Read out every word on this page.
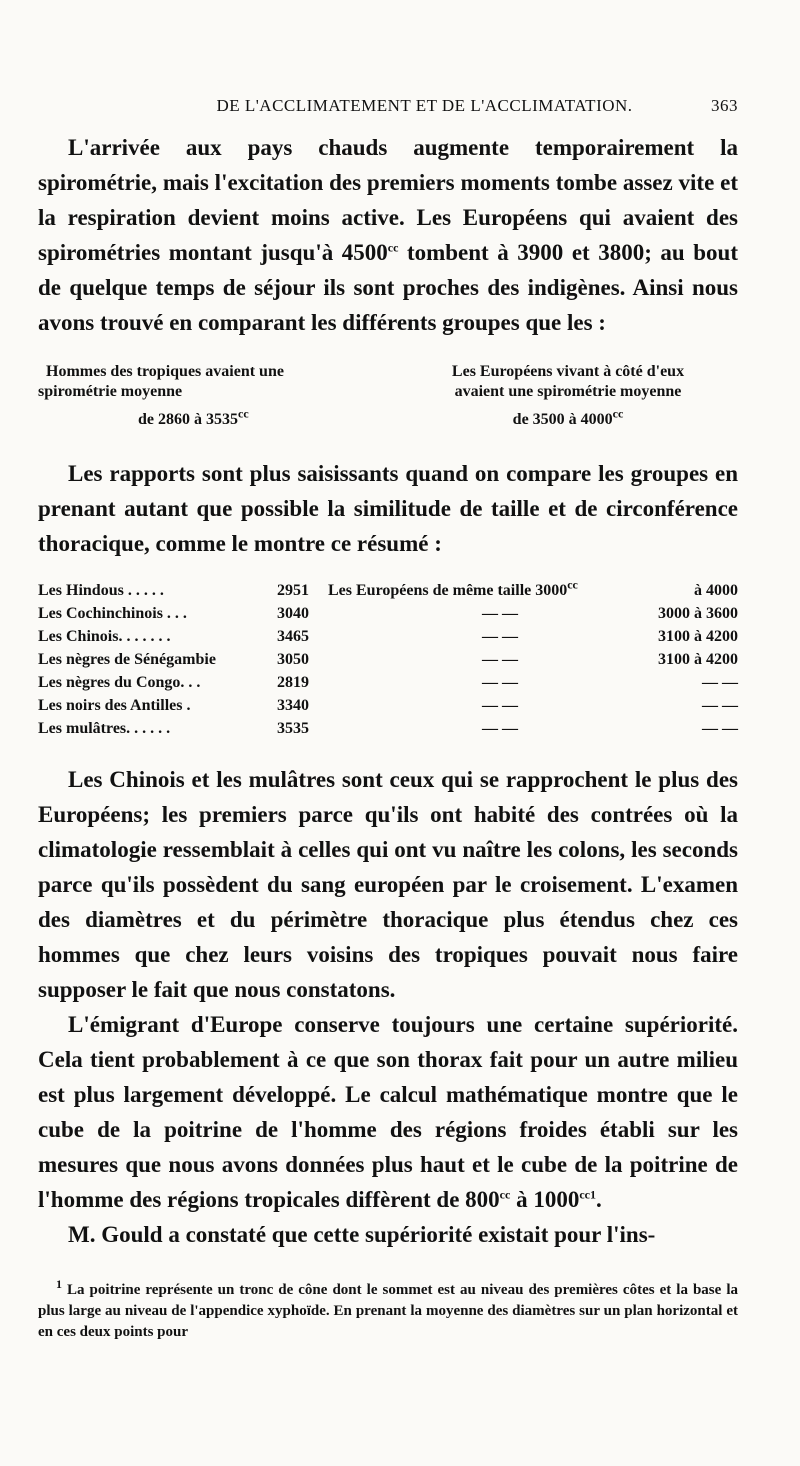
DE L'ACCLIMATEMENT ET DE L'ACCLIMATATION.	363

L'arrivée aux pays chauds augmente temporairement la spirométrie, mais l'excitation des premiers moments tombe assez vite et la respiration devient moins active. Les Européens qui avaient des spirométries montant jusqu'à $4500^{cc}$ tombent à 3900 et 3800; au bout de quelque temps de séjour ils sont proches des indigènes. Ainsi nous avons trouvé en comparant les différents groupes que les :

Hommes des tropiques avaient une
spirométrie moyenne
de 2860 à $3535^{cc}$
Les Européens vivant à côté d'eux
avaient une spirométrie moyenne
de 3500 à $4000^{cc}$

Les rapports sont plus saisissants quand on compare les groupes en prenant autant que possible la similitude de taille et de circonférence thoracique, comme le montre ce résumé :

Les Hindous . . . . .	2951	Les Européens de même taille $3000^{cc}$	à 4000
Les Cochinchinois . . .	3040	— —	3000 à 3600
Les Chinois. . . . . . .	3465	— —	3100 à 4200
Les nègres de Sénégambie	3050	— —	3100 à 4200
Les nègres du Congo. . .	2819	— —	— —
Les noirs des Antilles .	3340	— —	— —
Les mulâtres. . . . . .	3535	— —	— —

Les Chinois et les mulâtres sont ceux qui se rapprochent le plus des Européens; les premiers parce qu'ils ont habité des contrées où la climatologie ressemblait à celles qui ont vu naître les colons, les seconds parce qu'ils possèdent du sang européen par le croisement. L'examen des diamètres et du périmètre thoracique plus étendus chez ces hommes que chez leurs voisins des tropiques pouvait nous faire supposer le fait que nous constatons.

L'émigrant d'Europe conserve toujours une certaine supériorité. Cela tient probablement à ce que son thorax fait pour un autre milieu est plus largement développé. Le calcul mathématique montre que le cube de la poitrine de l'homme des régions froides établi sur les mesures que nous avons données plus haut et le cube de la poitrine de l'homme des régions tropicales diffèrent de $800^{cc}$ à $1000^{cc1}$.

M. Gould a constaté que cette supériorité existait pour l'ins-

$^1$ La poitrine représente un tronc de cône dont le sommet est au niveau des premières côtes et la base la plus large au niveau de l'appendice xyphoïde. En prenant la moyenne des diamètres sur un plan horizontal et en ces deux points pour
